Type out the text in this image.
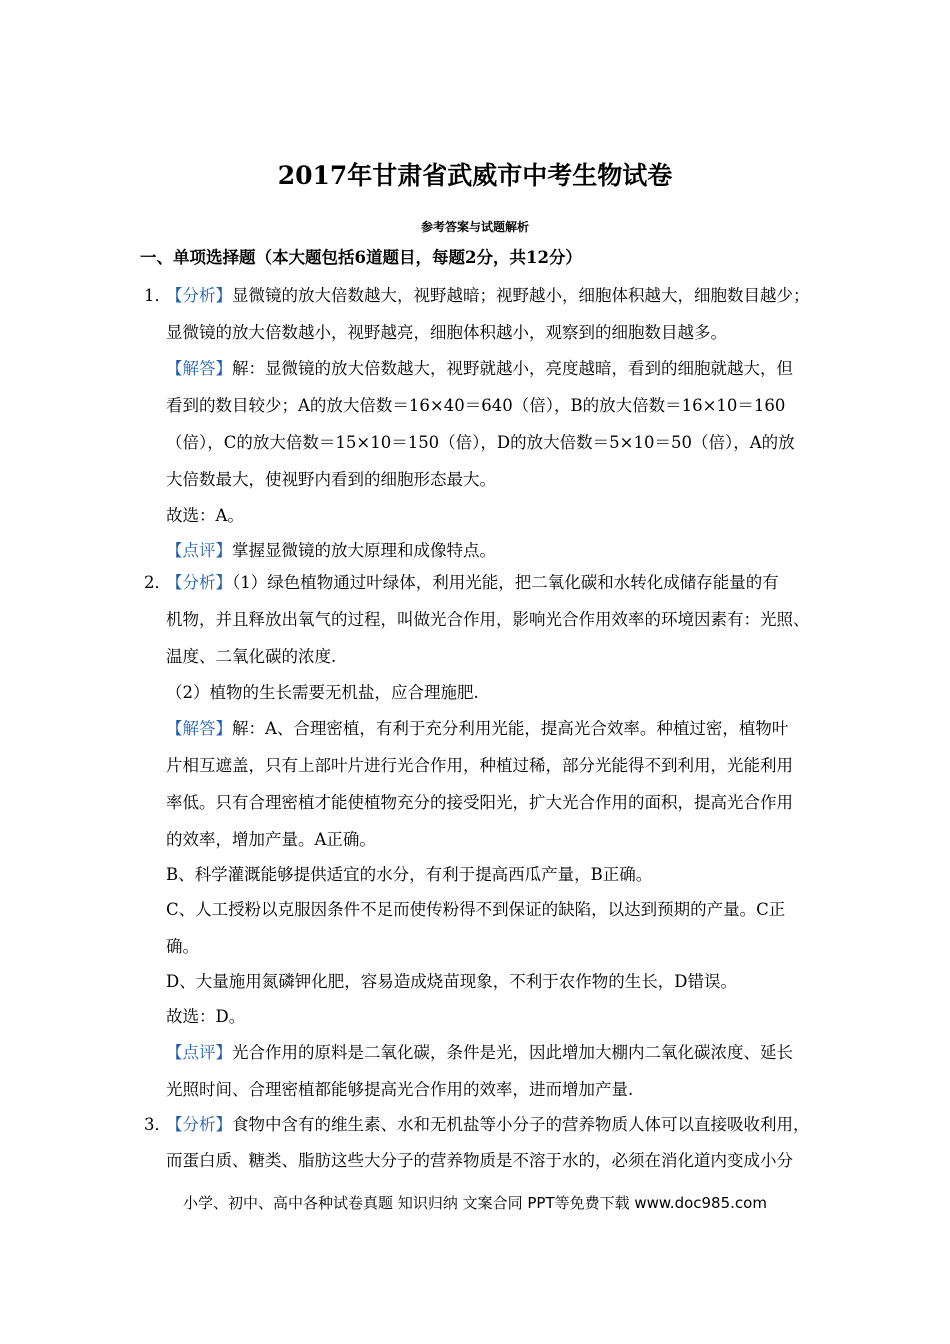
2017年甘肃省武威市中考生物试卷
参考答案与试题解析
一、单项选择题（本大题包括6道题目，每题2分，共12分）
1．
【分析】显微镜的放大倍数越大，视野越暗；视野越小，细胞体积越大，细胞数目越少；
显微镜的放大倍数越小，视野越亮，细胞体积越小，观察到的细胞数目越多。
【解答】解：显微镜的放大倍数越大，视野就越小，亮度越暗，看到的细胞就越大，但
看到的数目较少；A的放大倍数＝16×40＝640（倍），B的放大倍数＝16×10＝160
（倍），C的放大倍数＝15×10＝150（倍），D的放大倍数＝5×10＝50（倍），A的放
大倍数最大，使视野内看到的细胞形态最大。
故选：A。
【点评】掌握显微镜的放大原理和成像特点。
2．
【分析】（1）绿色植物通过叶绿体，利用光能，把二氧化碳和水转化成储存能量的有
机物，并且释放出氧气的过程，叫做光合作用，影响光合作用效率的环境因素有：光照、
温度、二氧化碳的浓度.
（2）植物的生长需要无机盐，应合理施肥.
【解答】解：A、合理密植，有利于充分利用光能，提高光合效率。种植过密，植物叶
片相互遮盖，只有上部叶片进行光合作用，种植过稀，部分光能得不到利用，光能利用
率低。只有合理密植才能使植物充分的接受阳光，扩大光合作用的面积，提高光合作用
的效率，增加产量。A正确。
B、科学灌溉能够提供适宜的水分，有利于提高西瓜产量，B正确。
C、人工授粉以克服因条件不足而使传粉得不到保证的缺陷，以达到预期的产量。C正
确。
D、大量施用氮磷钾化肥，容易造成烧苗现象，不利于农作物的生长，D错误。
故选：D。
【点评】光合作用的原料是二氧化碳，条件是光，因此增加大棚内二氧化碳浓度、延长
光照时间、合理密植都能够提高光合作用的效率，进而增加产量.
3．
【分析】食物中含有的维生素、水和无机盐等小分子的营养物质人体可以直接吸收利用，
而蛋白质、糖类、脂肪这些大分子的营养物质是不溶于水的，必须在消化道内变成小分
小学、初中、高中各种试卷真题 知识归纳 文案合同 PPT等免费下载 www.doc985.com
